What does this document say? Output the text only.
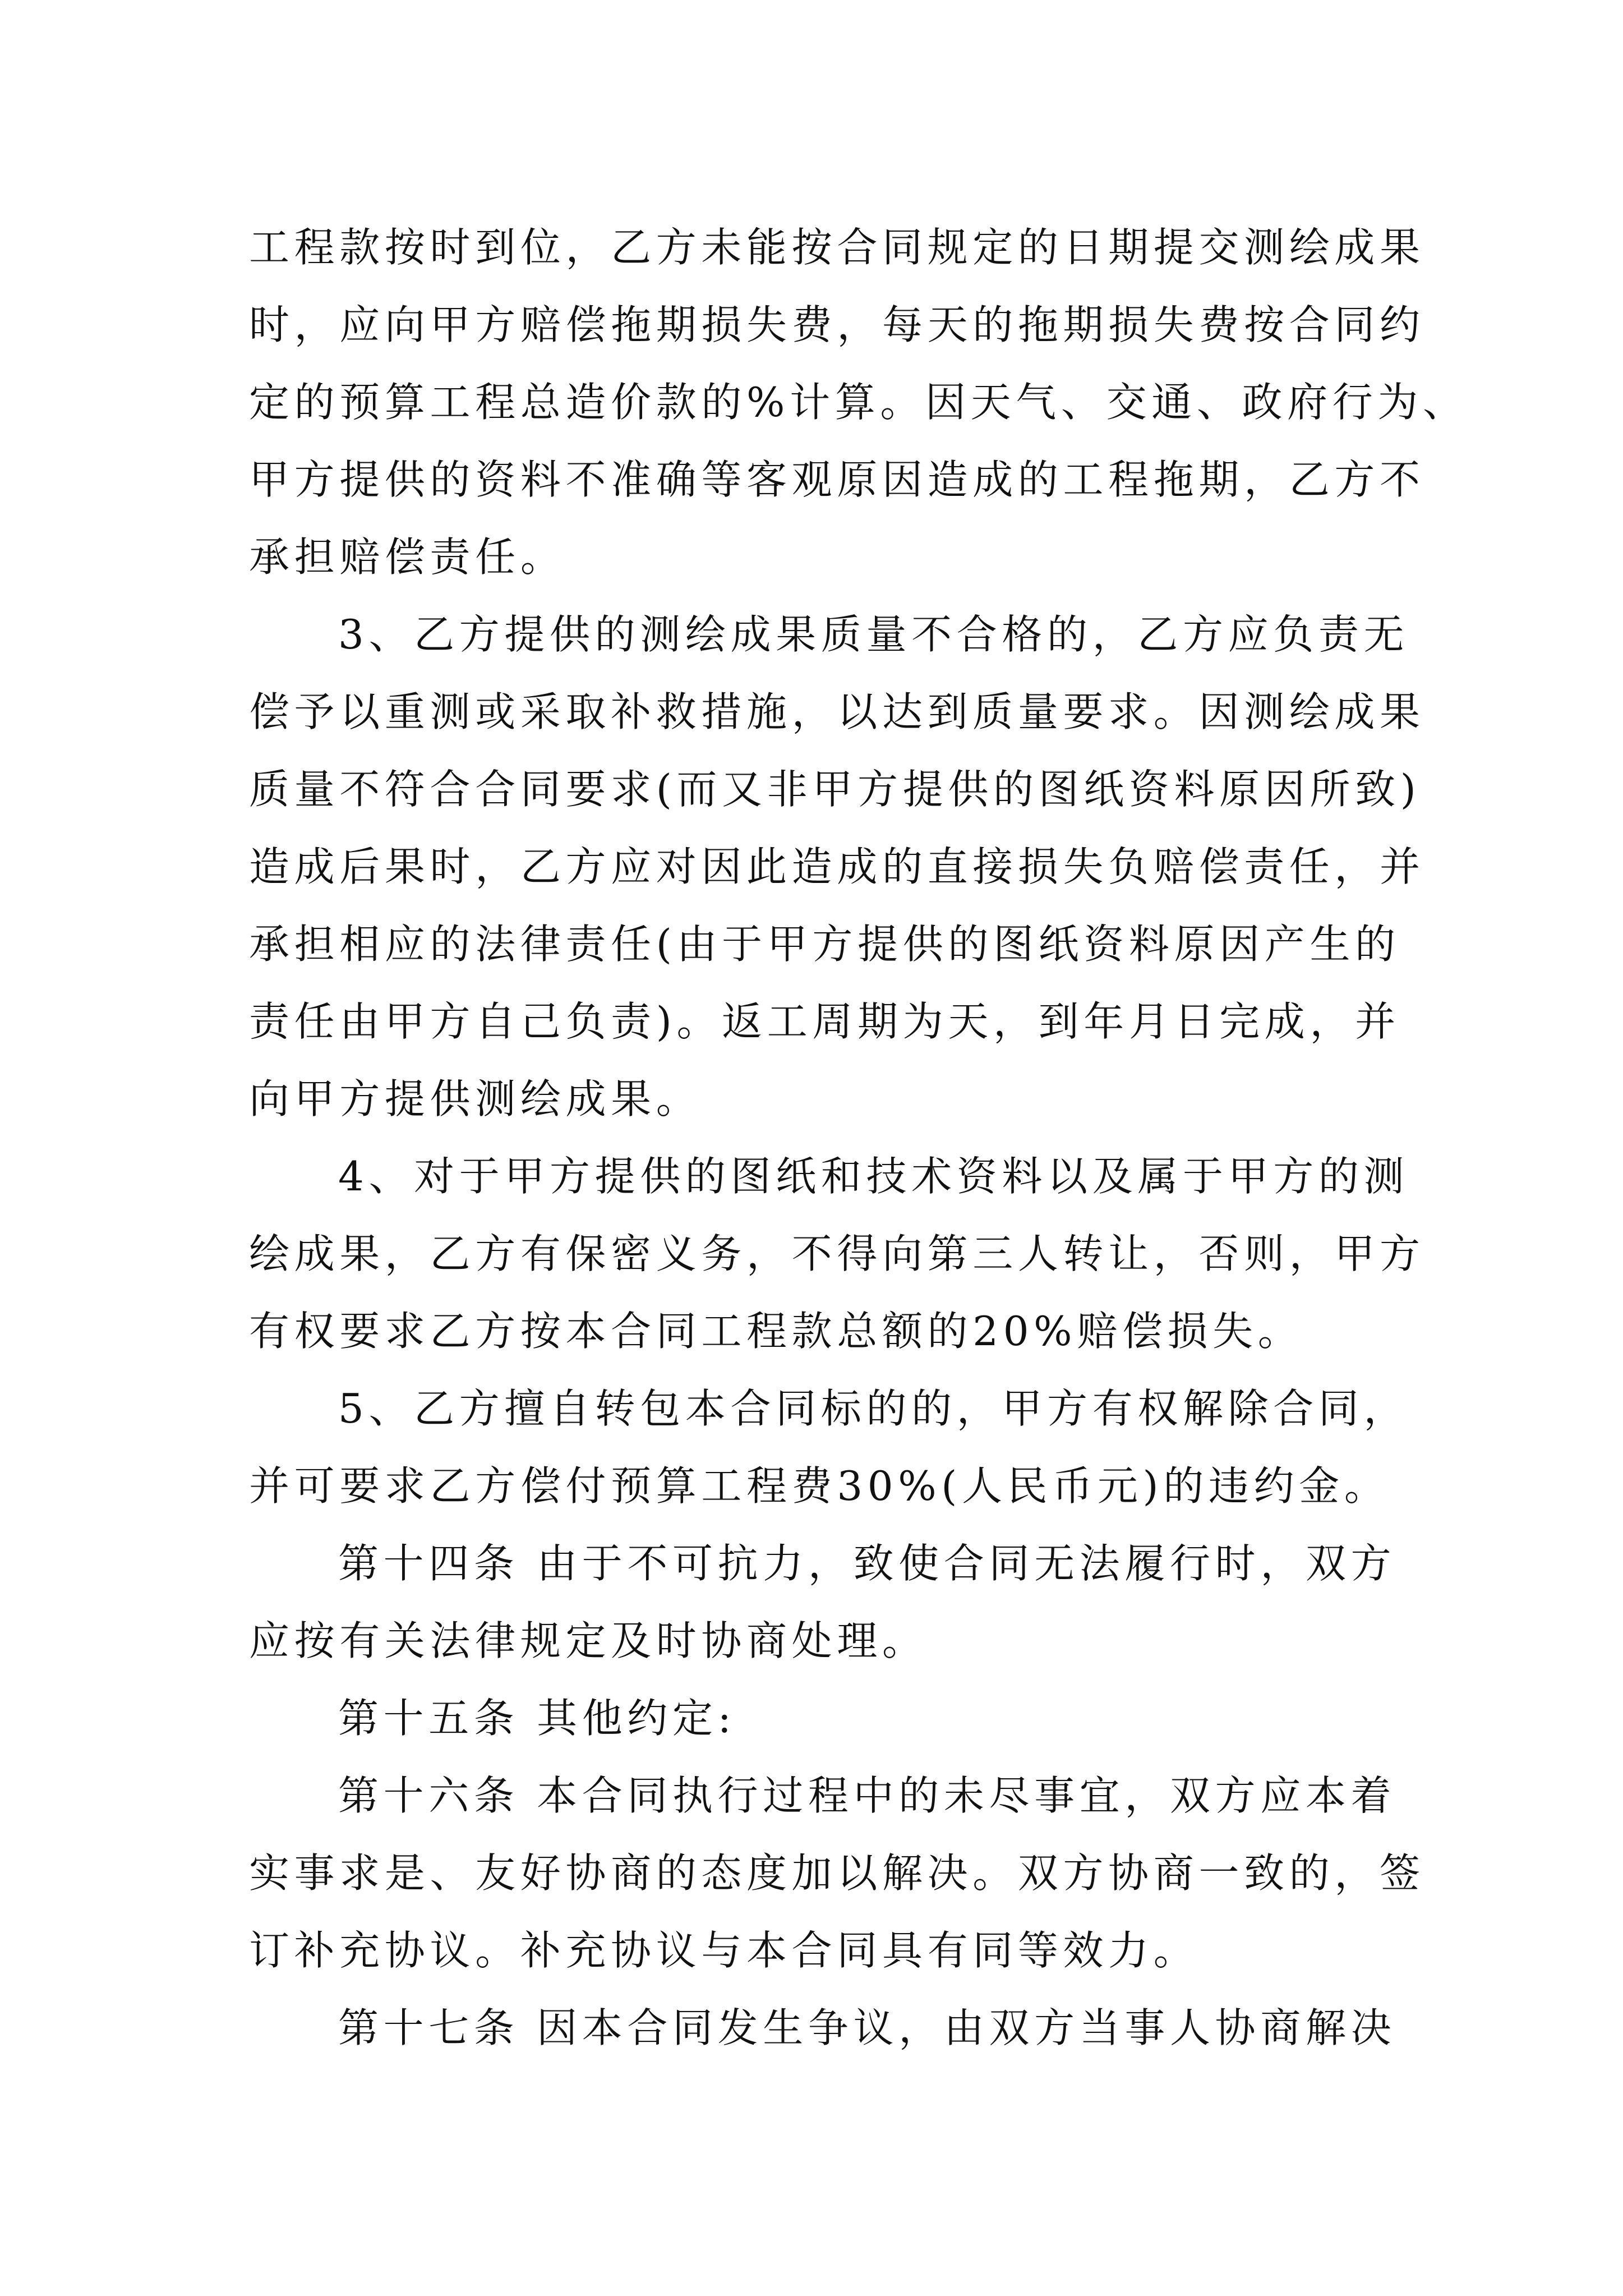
工程款按时到位，乙方未能按合同规定的日期提交测绘成果
时，应向甲方赔偿拖期损失费，每天的拖期损失费按合同约
定的预算工程总造价款的%计算。因天气、交通、政府行为、
甲方提供的资料不准确等客观原因造成的工程拖期，乙方不
承担赔偿责任。
3、乙方提供的测绘成果质量不合格的，乙方应负责无
偿予以重测或采取补救措施，以达到质量要求。因测绘成果
质量不符合合同要求(而又非甲方提供的图纸资料原因所致)
造成后果时，乙方应对因此造成的直接损失负赔偿责任，并
承担相应的法律责任(由于甲方提供的图纸资料原因产生的
责任由甲方自己负责)。返工周期为天，到年月日完成，并
向甲方提供测绘成果。
4、对于甲方提供的图纸和技术资料以及属于甲方的测
绘成果，乙方有保密义务，不得向第三人转让，否则，甲方
有权要求乙方按本合同工程款总额的20%赔偿损失。
5、乙方擅自转包本合同标的的，甲方有权解除合同，
并可要求乙方偿付预算工程费30%(人民币元)的违约金。
第十四条 由于不可抗力，致使合同无法履行时，双方
应按有关法律规定及时协商处理。
第十五条 其他约定:
第十六条 本合同执行过程中的未尽事宜，双方应本着
实事求是、友好协商的态度加以解决。双方协商一致的，签
订补充协议。补充协议与本合同具有同等效力。
第十七条 因本合同发生争议，由双方当事人协商解决
